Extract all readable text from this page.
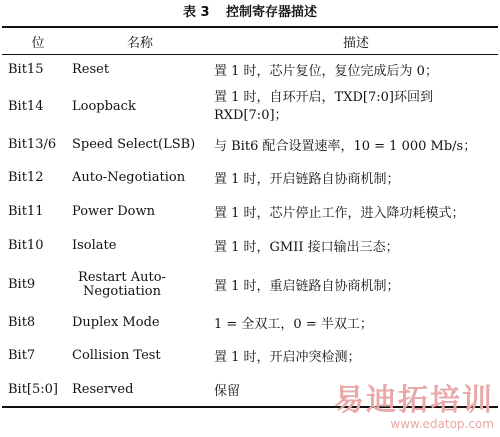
表 3 控制寄存器描述
位	名称	描述
Bit15	Reset	置 1 时，芯片复位，复位完成后为 0；
Bit14	Loopback	置 1 时，自环开启，TXD[7:0]环回到 RXD[7:0]；

Bit13/6	Speed Select(LSB)	与 Bit6 配合设置速率，10 = 1 000 Mb/s；
Bit12	Auto-Negotiation	置 1 时，开启链路自协商机制；
Bit11	Power Down	置 1 时，芯片停止工作，进入降功耗模式；
Bit10	Isolate	置 1 时，GMII 接口输出三态；
Bit9	Restart Auto-Negotiation	置 1 时，重启链路自协商机制；
Bit8	Duplex Mode	1 = 全双工，0 = 半双工；
Bit7	Collision Test	置 1 时，开启冲突检测；
Bit[5:0]	Reserved	保留	易迪拓培训
www.edatop.com
